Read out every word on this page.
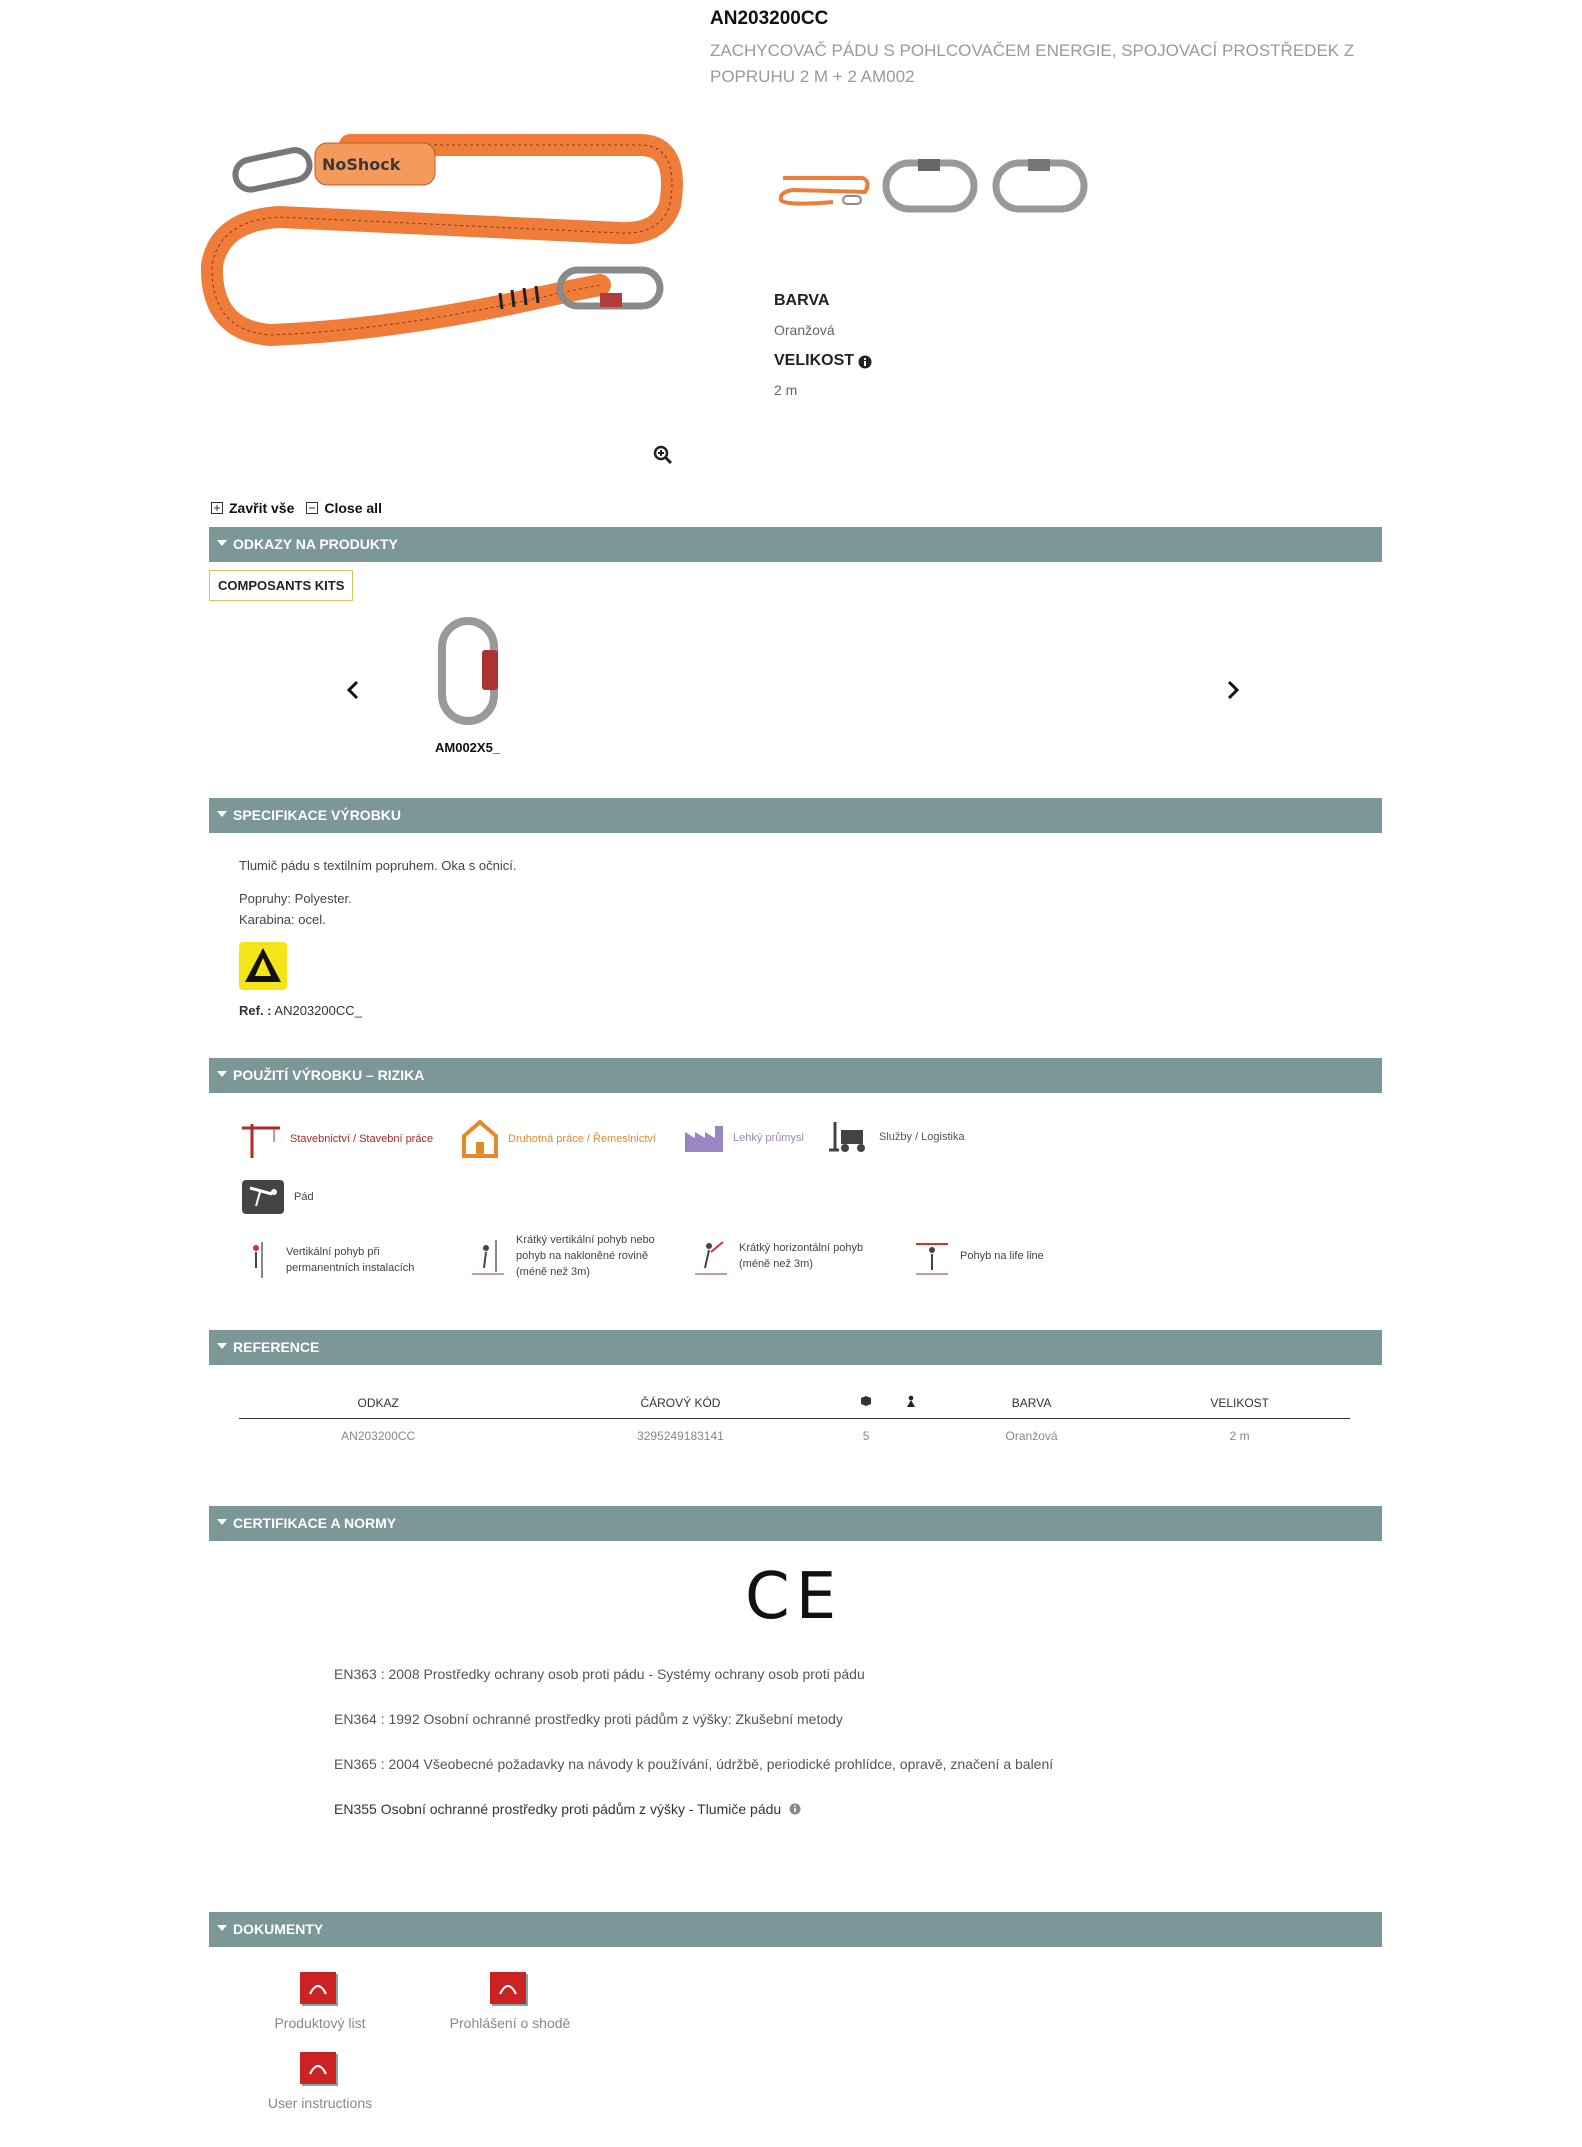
AN203200CC
ZACHYCOVAČ PÁDU S POHLCOVAČEM ENERGIE, SPOJOVACÍ PROSTŘEDEK Z POPRUHU 2 M + 2 AM002
NoShock
BARVA
Oranžová
VELIKOST
2 m
Zavřit vše Close all
ODKAZY NA PRODUKTY
COMPOSANTS KITS
AM002X5_
SPECIFIKACE VÝROBKU
Tlumič pádu s textilním popruhem. Oka s očnicí.
Popruhy: Polyester.
Karabina: ocel.
Ref. : AN203200CC_
POUŽITÍ VÝROBKU – RIZIKA
Stavebnictví / Stavební práce	Druhotná práce / Řemeslnictví	Lehký průmysl	Služby / Logistika
Pád
Vertikální pohyb při
permanentních instalacích
Krátký vertikální pohyb nebo
pohyb na nakloněné rovině
(méně než 3m)
Krátký horizontální pohyb
(méně než 3m)
Pohyb na life line
REFERENCE
ODKAZ	ČÁROVÝ KÓD			BARVA	VELIKOST
AN203200CC	3295249183141	5		Oranžová	2 m
CERTIFIKACE A NORMY
CE
EN363 : 2008 Prostředky ochrany osob proti pádu - Systémy ochrany osob proti pádu
EN364 : 1992 Osobní ochranné prostředky proti pádům z výšky: Zkušební metody
EN365 : 2004 Všeobecné požadavky na návody k používání, údržbě, periodické prohlídce, opravě, značení a balení
EN355 Osobní ochranné prostředky proti pádům z výšky - Tlumiče pádu
DOKUMENTY
Produktový list	Prohlášení o shodě
User instructions
